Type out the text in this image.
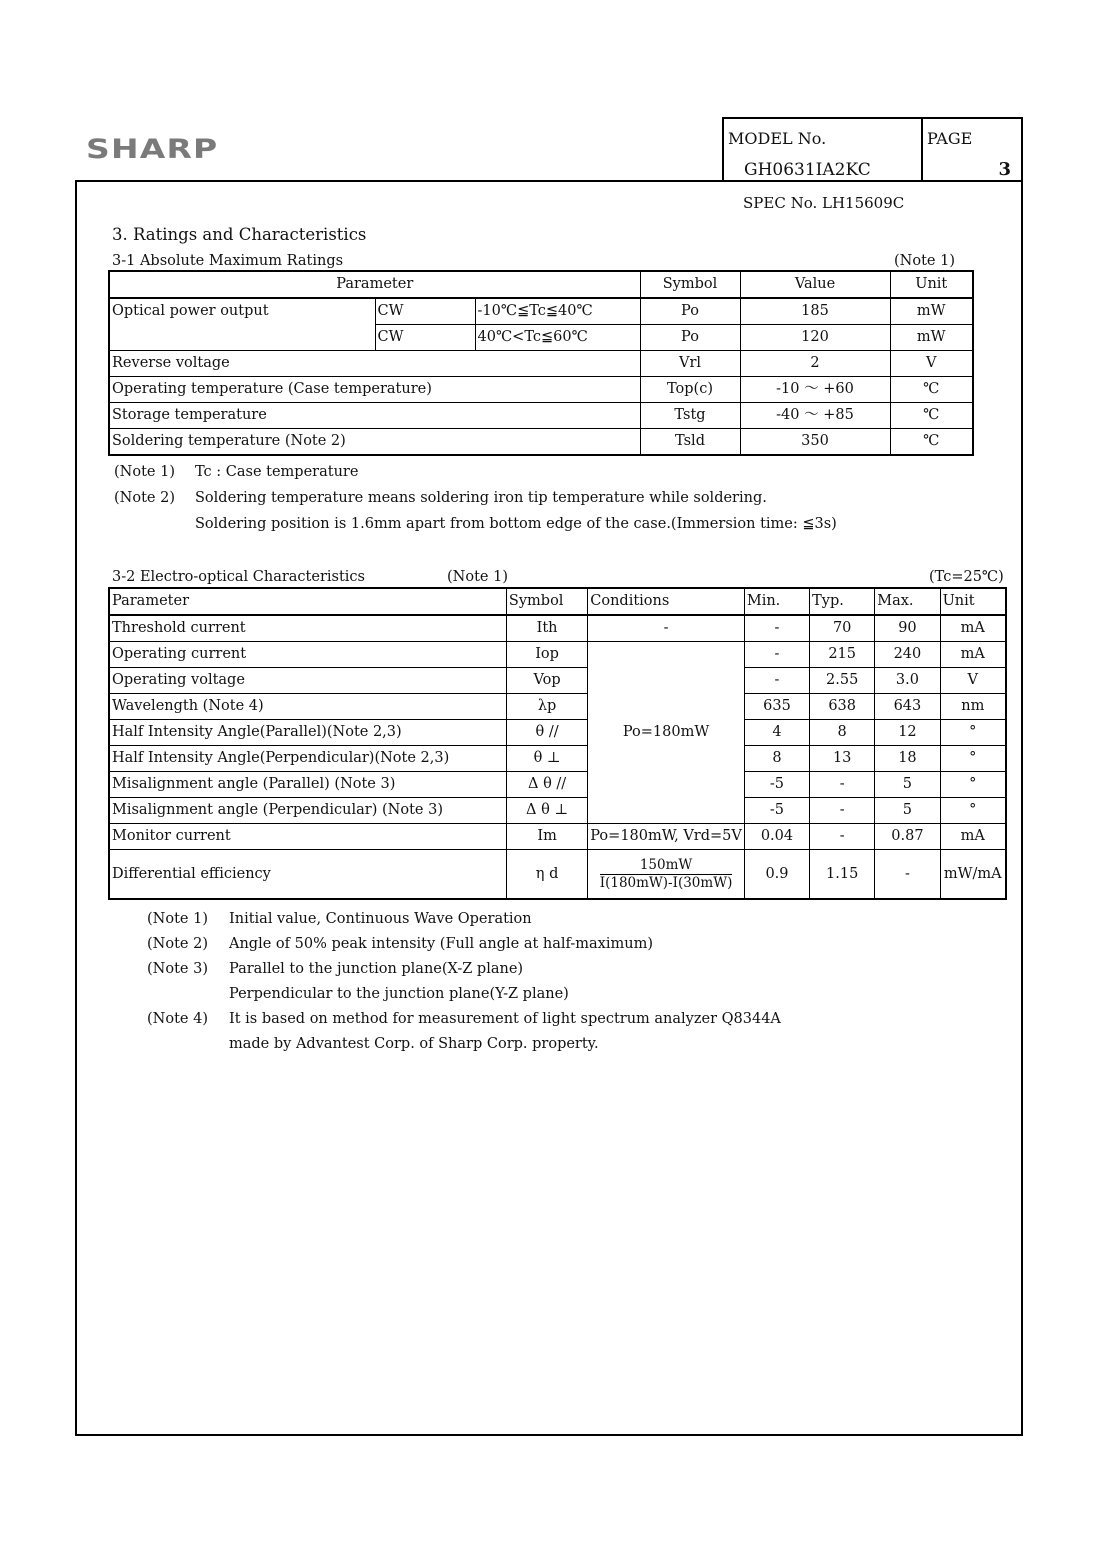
SHARP	MODEL No.
GH0631IA2KC
PAGE
3
SPEC No. LH15609C
3. Ratings and Characteristics
3-1 Absolute Maximum Ratings	(Note 1)
Parameter			Symbol	Value	Unit
Optical power output	CW	-10℃≦Tc≦40℃	Po	185	mW
	CW	40℃<Tc≦60℃	Po	120	mW
Reverse voltage			Vrl	2	V
Operating temperature (Case temperature)			Top(c)	-10 ～ +60	℃
Storage temperature			Tstg	-40 ～ +85	℃
Soldering temperature (Note 2)			Tsld	350	℃
(Note 1) Tc : Case temperature
(Note 2) Soldering temperature means soldering iron tip temperature while soldering.
Soldering position is 1.6mm apart from bottom edge of the case.(Immersion time: ≦3s)
3-2 Electro-optical Characteristics	(Note 1)	(Tc=25℃)
Parameter	Symbol	Conditions	Min.	Typ.	Max.	Unit
Threshold current	Ith	-	-	70	90	mA
Operating current	Iop	Po=180mW	-	215	240	mA
Operating voltage	Vop		-	2.55	3.0	V
Wavelength (Note 4)	λp		635	638	643	nm
Half Intensity Angle(Parallel)(Note 2,3)	θ //		4	8	12	°
Half Intensity Angle(Perpendicular)(Note 2,3)	θ ⊥		8	13	18	°
Misalignment angle (Parallel) (Note 3)	Δ θ //		-5	-	5	°
Misalignment angle (Perpendicular) (Note 3)	Δ θ ⊥		-5	-	5	°
Monitor current	Im	Po=180mW, Vrd=5V	0.04	-	0.87	mA
Differential efficiency	η d	$\frac{150mW}{I(180mW)-I(30mW)}$	0.9	1.15	-	mW/mA
(Note 1) Initial value, Continuous Wave Operation
(Note 2) Angle of 50% peak intensity (Full angle at half-maximum)
(Note 3) Parallel to the junction plane(X-Z plane)
Perpendicular to the junction plane(Y-Z plane)
(Note 4) It is based on method for measurement of light spectrum analyzer Q8344A
made by Advantest Corp. of Sharp Corp. property.
